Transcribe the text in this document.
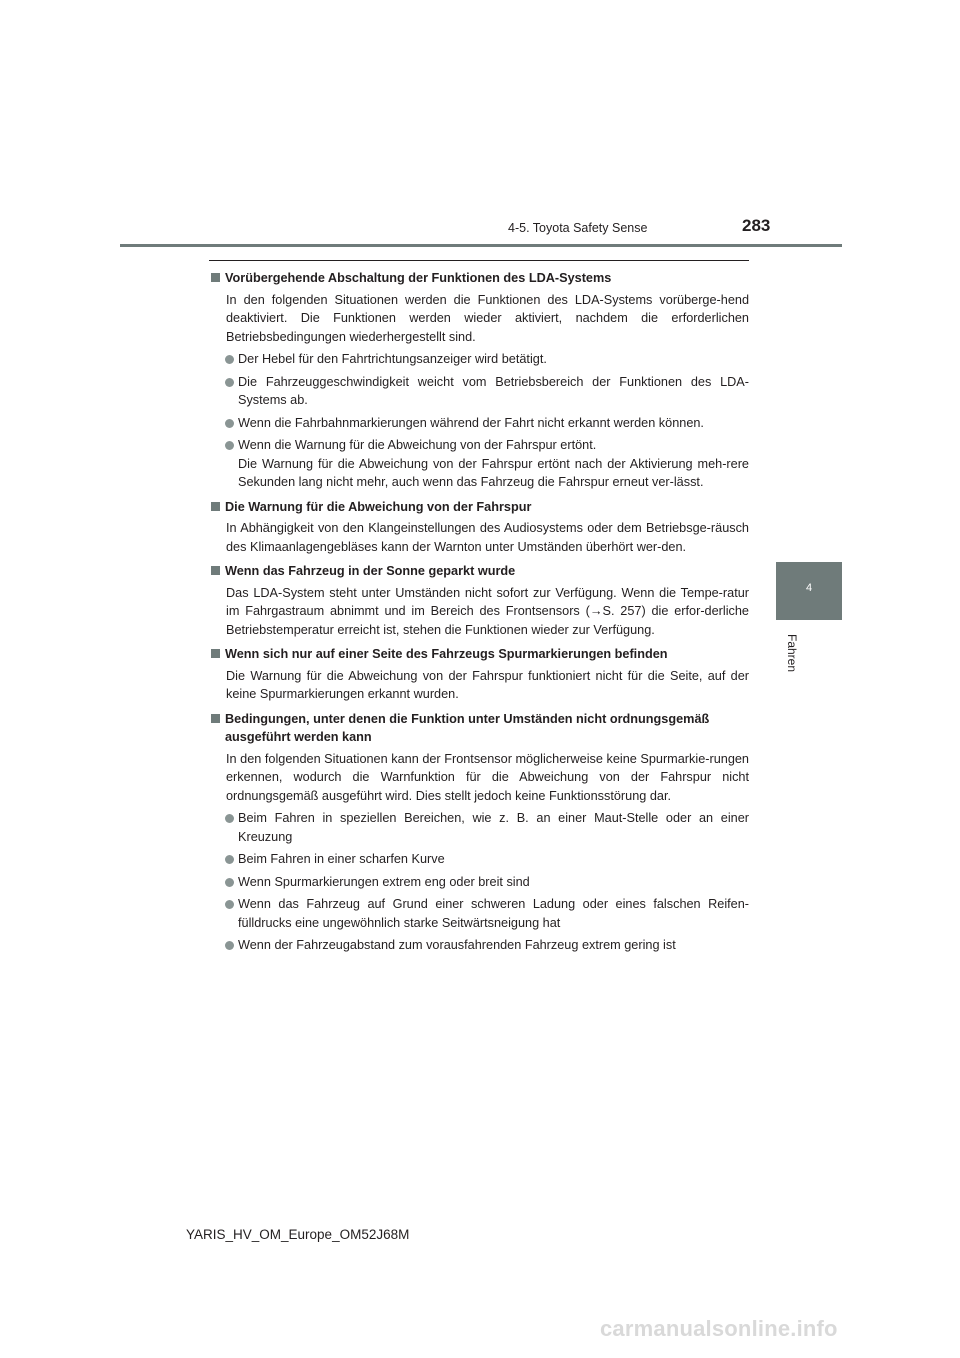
4-5. Toyota Safety Sense	283
4
Fahren
Vorübergehende Abschaltung der Funktionen des LDA-Systems
In den folgenden Situationen werden die Funktionen des LDA-Systems vorüberge-hend deaktiviert. Die Funktionen werden wieder aktiviert, nachdem die erforderlichen Betriebsbedingungen wiederhergestellt sind.
Der Hebel für den Fahrtrichtungsanzeiger wird betätigt.
Die Fahrzeuggeschwindigkeit weicht vom Betriebsbereich der Funktionen des LDA-Systems ab.
Wenn die Fahrbahnmarkierungen während der Fahrt nicht erkannt werden können.
Wenn die Warnung für die Abweichung von der Fahrspur ertönt.
Die Warnung für die Abweichung von der Fahrspur ertönt nach der Aktivierung meh-rere Sekunden lang nicht mehr, auch wenn das Fahrzeug die Fahrspur erneut ver-lässt.
Die Warnung für die Abweichung von der Fahrspur
In Abhängigkeit von den Klangeinstellungen des Audiosystems oder dem Betriebsge-räusch des Klimaanlagengebläses kann der Warnton unter Umständen überhört wer-den.
Wenn das Fahrzeug in der Sonne geparkt wurde
Das LDA-System steht unter Umständen nicht sofort zur Verfügung. Wenn die Tempe-ratur im Fahrgastraum abnimmt und im Bereich des Frontsensors (→S. 257) die erfor-derliche Betriebstemperatur erreicht ist, stehen die Funktionen wieder zur Verfügung.
Wenn sich nur auf einer Seite des Fahrzeugs Spurmarkierungen befinden
Die Warnung für die Abweichung von der Fahrspur funktioniert nicht für die Seite, auf der keine Spurmarkierungen erkannt wurden.
Bedingungen, unter denen die Funktion unter Umständen nicht ordnungsgemäß ausgeführt werden kann
In den folgenden Situationen kann der Frontsensor möglicherweise keine Spurmarkie-rungen erkennen, wodurch die Warnfunktion für die Abweichung von der Fahrspur nicht ordnungsgemäß ausgeführt wird. Dies stellt jedoch keine Funktionsstörung dar.
Beim Fahren in speziellen Bereichen, wie z. B. an einer Maut-Stelle oder an einer Kreuzung
Beim Fahren in einer scharfen Kurve
Wenn Spurmarkierungen extrem eng oder breit sind
Wenn das Fahrzeug auf Grund einer schweren Ladung oder eines falschen Reifen-fülldrucks eine ungewöhnlich starke Seitwärtsneigung hat
Wenn der Fahrzeugabstand zum vorausfahrenden Fahrzeug extrem gering ist
YARIS_HV_OM_Europe_OM52J68M
carmanualsonline.info
